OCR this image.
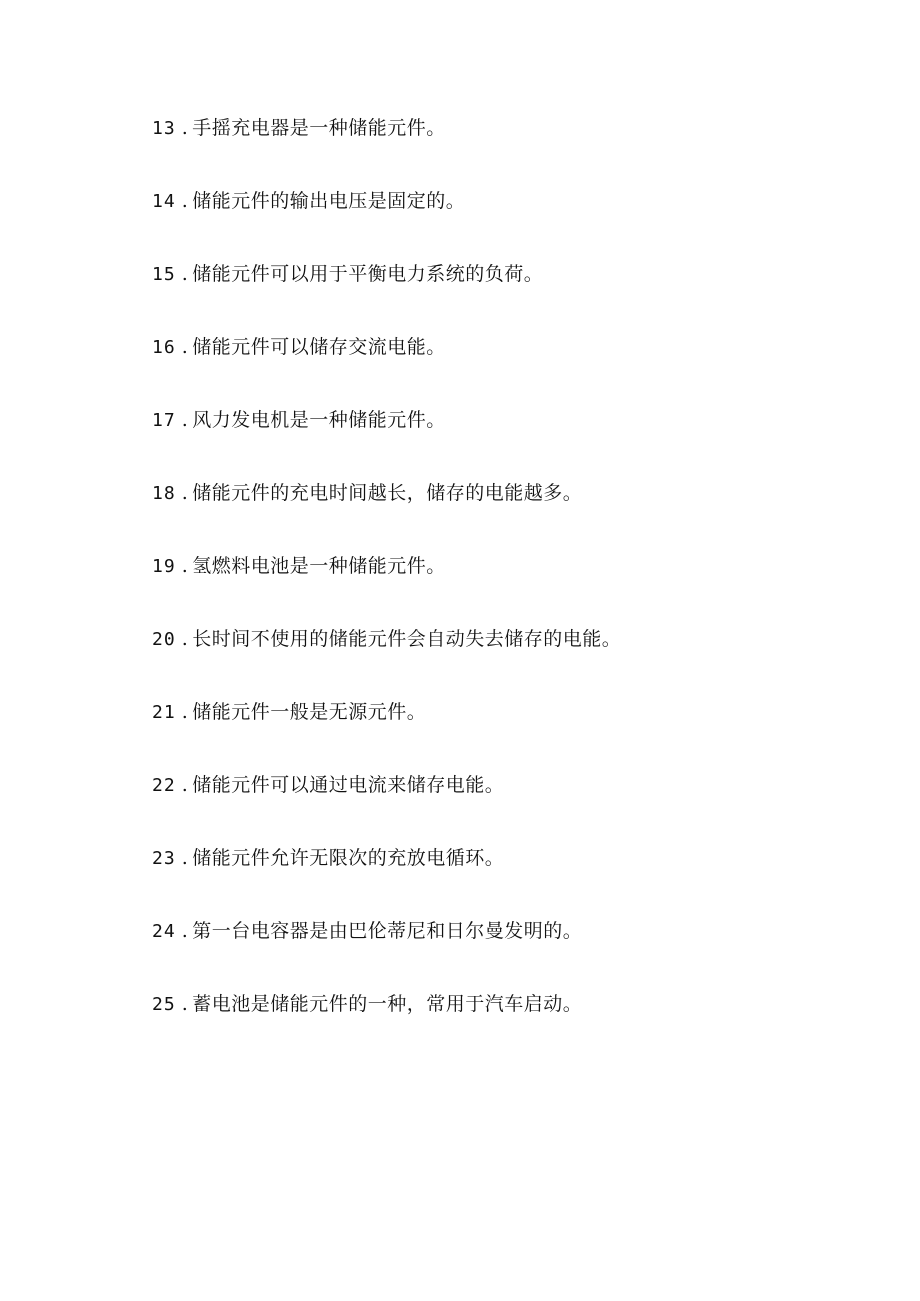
13 . 手摇充电器是一种储能元件。
14 . 储能元件的输出电压是固定的。
15 . 储能元件可以用于平衡电力系统的负荷。
16 . 储能元件可以储存交流电能。
17 . 风力发电机是一种储能元件。
18 . 储能元件的充电时间越长，储存的电能越多。
19 . 氢燃料电池是一种储能元件。
20 . 长时间不使用的储能元件会自动失去储存的电能。
21 . 储能元件一般是无源元件。
22 . 储能元件可以通过电流来储存电能。
23 . 储能元件允许无限次的充放电循环。
24 . 第一台电容器是由巴伦蒂尼和日尔曼发明的。
25 . 蓄电池是储能元件的一种，常用于汽车启动。
